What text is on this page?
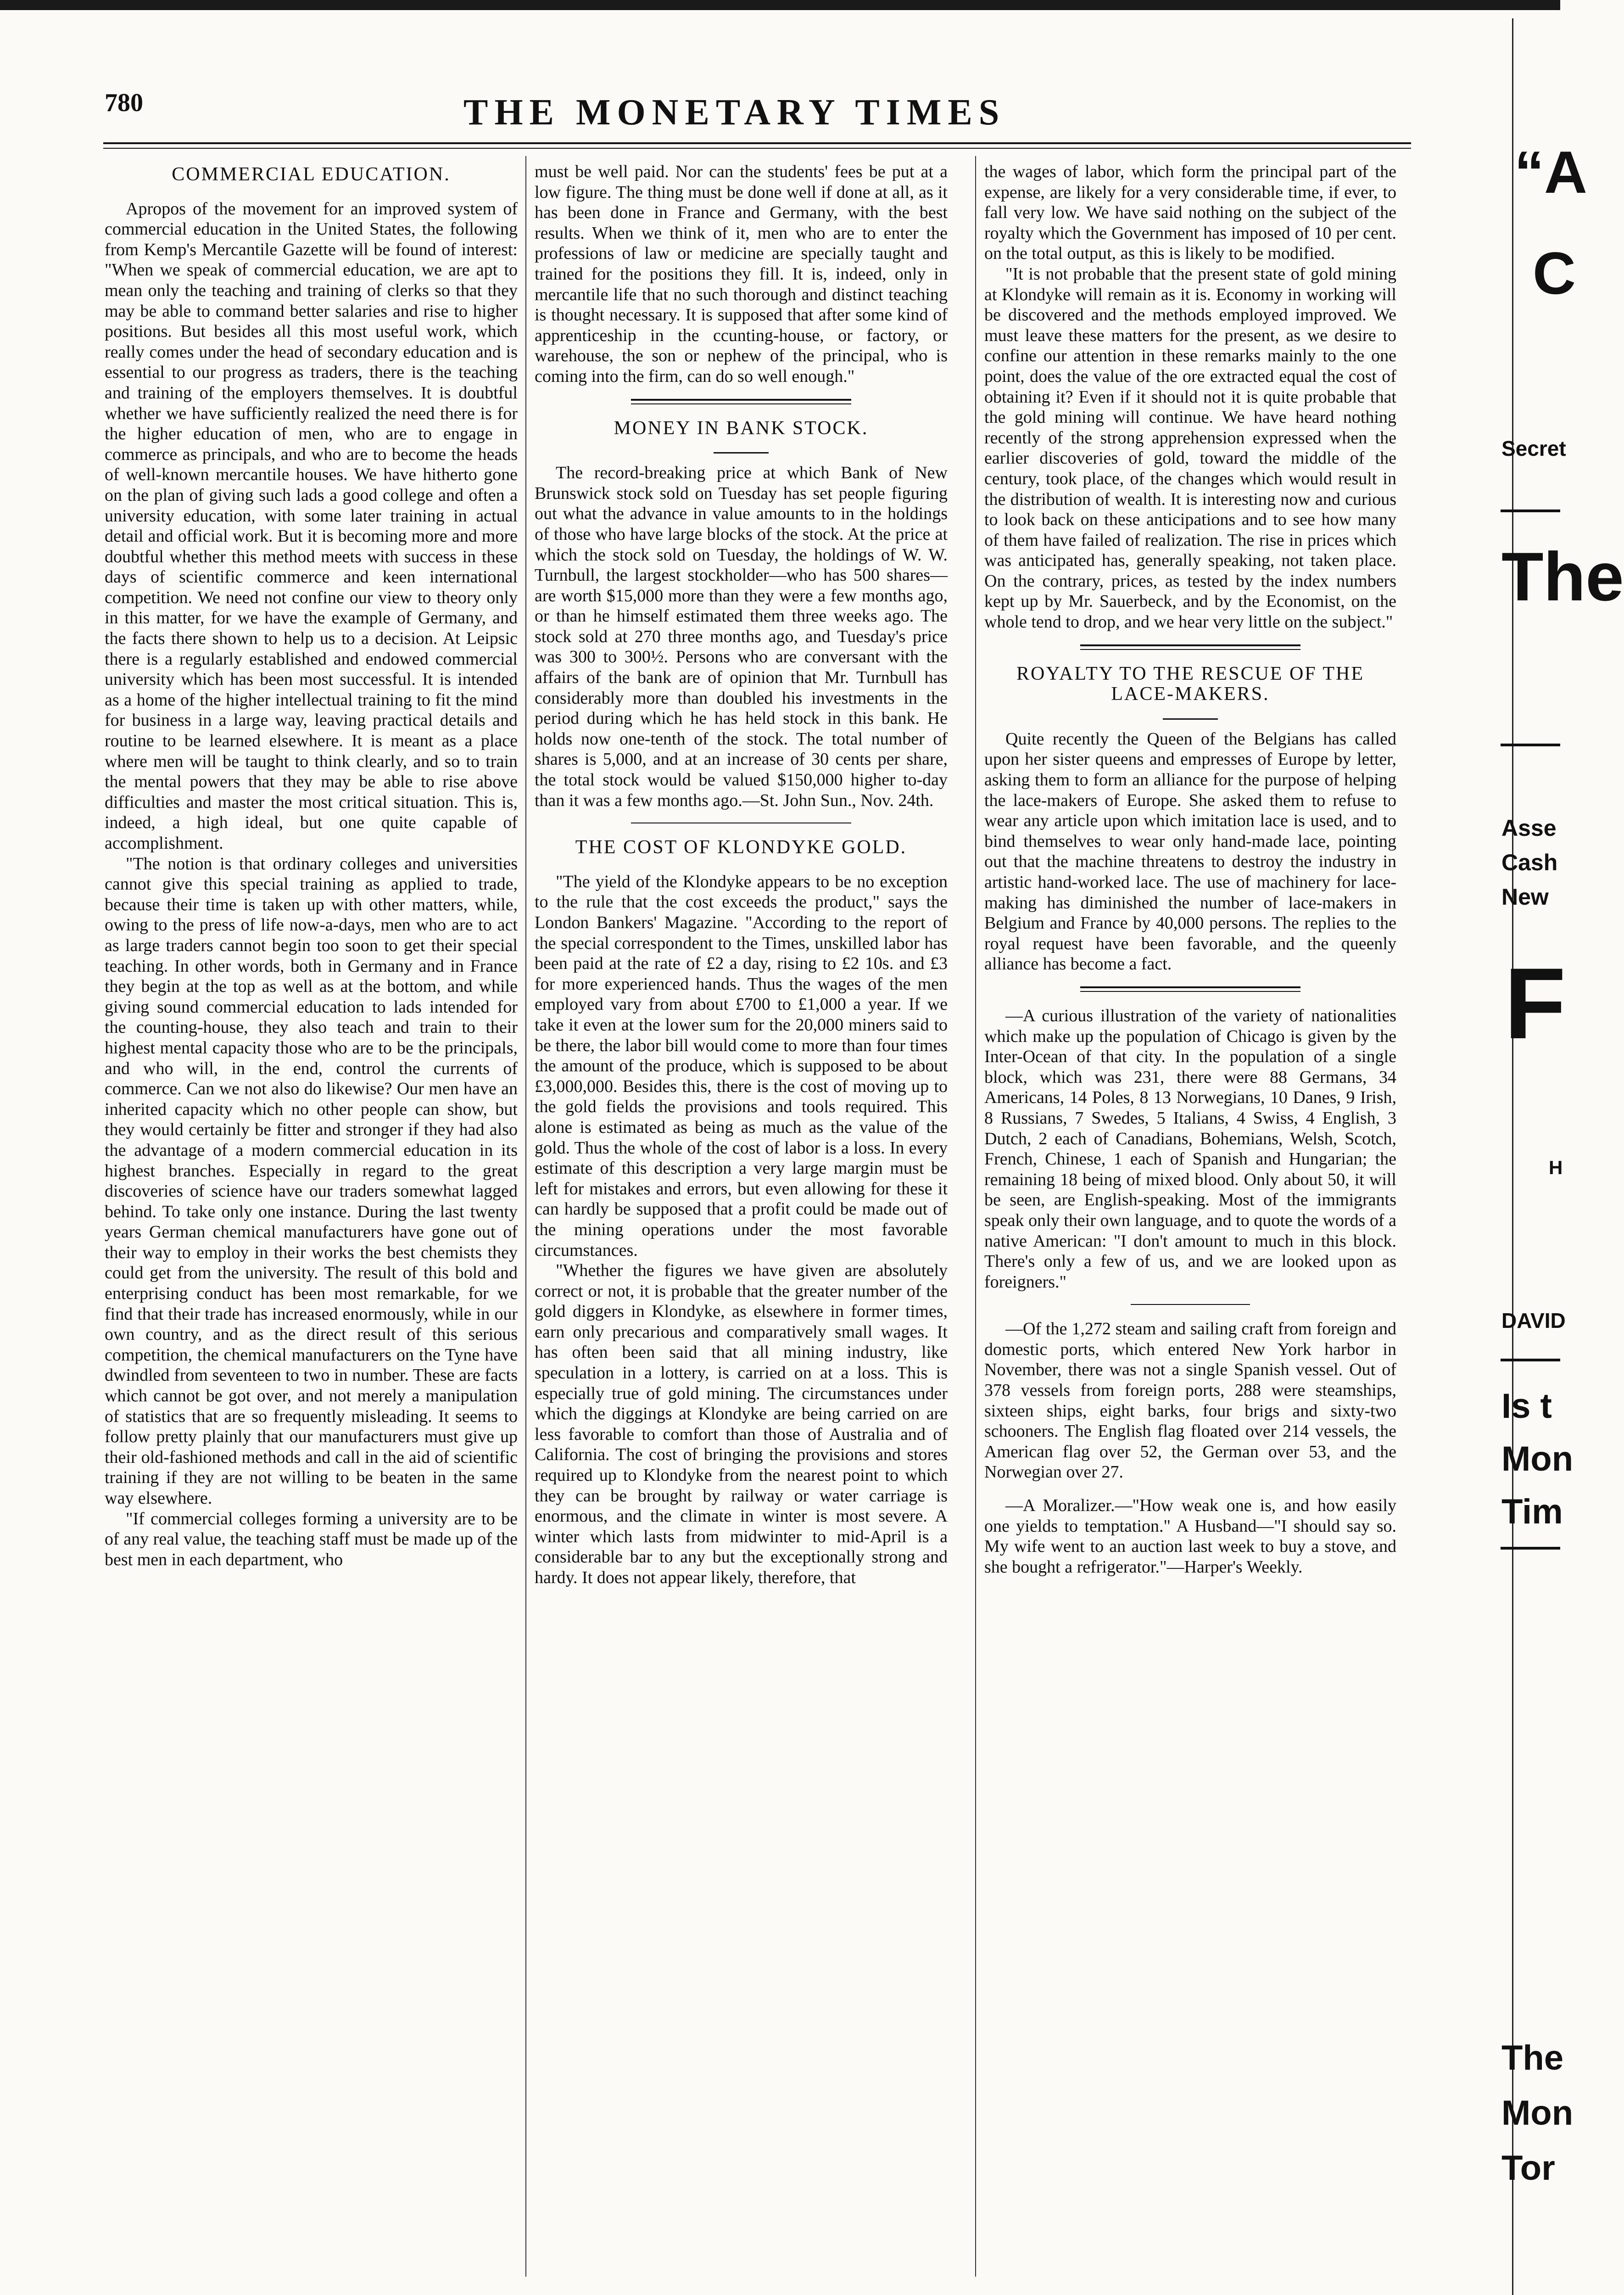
780	THE MONETARY TIMES
COMMERCIAL EDUCATION.

Apropos of the movement for an improved system of commercial education in the United States, the following from Kemp's Mercantile Gazette will be found of interest: "When we speak of commercial education, we are apt to mean only the teaching and training of clerks so that they may be able to command better salaries and rise to higher positions. But besides all this most useful work, which really comes under the head of secondary education and is essential to our progress as traders, there is the teaching and training of the employers themselves. It is doubtful whether we have sufficiently realized the need there is for the higher education of men, who are to engage in commerce as principals, and who are to become the heads of well-known mercantile houses. We have hitherto gone on the plan of giving such lads a good college and often a university education, with some later training in actual detail and official work. But it is becoming more and more doubtful whether this method meets with success in these days of scientific commerce and keen international competition. We need not confine our view to theory only in this matter, for we have the example of Germany, and the facts there shown to help us to a decision. At Leipsic there is a regularly established and endowed commercial university which has been most successful. It is intended as a home of the higher intellectual training to fit the mind for business in a large way, leaving practical details and routine to be learned elsewhere. It is meant as a place where men will be taught to think clearly, and so to train the mental powers that they may be able to rise above difficulties and master the most critical situation. This is, indeed, a high ideal, but one quite capable of accomplishment.

"The notion is that ordinary colleges and universities cannot give this special training as applied to trade, because their time is taken up with other matters, while, owing to the press of life now-a-days, men who are to act as large traders cannot begin too soon to get their special teaching. In other words, both in Germany and in France they begin at the top as well as at the bottom, and while giving sound commercial education to lads intended for the counting-house, they also teach and train to their highest mental capacity those who are to be the principals, and who will, in the end, control the currents of commerce. Can we not also do likewise? Our men have an inherited capacity which no other people can show, but they would certainly be fitter and stronger if they had also the advantage of a modern commercial education in its highest branches. Especially in regard to the great discoveries of science have our traders somewhat lagged behind. To take only one instance. During the last twenty years German chemical manufacturers have gone out of their way to employ in their works the best chemists they could get from the university. The result of this bold and enterprising conduct has been most remarkable, for we find that their trade has increased enormously, while in our own country, and as the direct result of this serious competition, the chemical manufacturers on the Tyne have dwindled from seventeen to two in number. These are facts which cannot be got over, and not merely a manipulation of statistics that are so frequently misleading. It seems to follow pretty plainly that our manufacturers must give up their old-fashioned methods and call in the aid of scientific training if they are not willing to be beaten in the same way elsewhere.

"If commercial colleges forming a university are to be of any real value, the teaching staff must be made up of the best men in each department, who

must be well paid. Nor can the students' fees be put at a low figure. The thing must be done well if done at all, as it has been done in France and Germany, with the best results. When we think of it, men who are to enter the professions of law or medicine are specially taught and trained for the positions they fill. It is, indeed, only in mercantile life that no such thorough and distinct teaching is thought necessary. It is supposed that after some kind of apprenticeship in the ccunting-house, or factory, or warehouse, the son or nephew of the principal, who is coming into the firm, can do so well enough."

MONEY IN BANK STOCK.

The record-breaking price at which Bank of New Brunswick stock sold on Tuesday has set people figuring out what the advance in value amounts to in the holdings of those who have large blocks of the stock. At the price at which the stock sold on Tuesday, the holdings of W. W. Turnbull, the largest stockholder—who has 500 shares—are worth $15,000 more than they were a few months ago, or than he himself estimated them three weeks ago. The stock sold at 270 three months ago, and Tuesday's price was 300 to 300½. Persons who are conversant with the affairs of the bank are of opinion that Mr. Turnbull has considerably more than doubled his investments in the period during which he has held stock in this bank. He holds now one-tenth of the stock. The total number of shares is 5,000, and at an increase of 30 cents per share, the total stock would be valued $150,000 higher to-day than it was a few months ago.—St. John Sun., Nov. 24th.

THE COST OF KLONDYKE GOLD.

"The yield of the Klondyke appears to be no exception to the rule that the cost exceeds the product," says the London Bankers' Magazine. "According to the report of the special correspondent to the Times, unskilled labor has been paid at the rate of £2 a day, rising to £2 10s. and £3 for more experienced hands. Thus the wages of the men employed vary from about £700 to £1,000 a year. If we take it even at the lower sum for the 20,000 miners said to be there, the labor bill would come to more than four times the amount of the produce, which is supposed to be about £3,000,000. Besides this, there is the cost of moving up to the gold fields the provisions and tools required. This alone is estimated as being as much as the value of the gold. Thus the whole of the cost of labor is a loss. In every estimate of this description a very large margin must be left for mistakes and errors, but even allowing for these it can hardly be supposed that a profit could be made out of the mining operations under the most favorable circumstances.

"Whether the figures we have given are absolutely correct or not, it is probable that the greater number of the gold diggers in Klondyke, as elsewhere in former times, earn only precarious and comparatively small wages. It has often been said that all mining industry, like speculation in a lottery, is carried on at a loss. This is especially true of gold mining. The circumstances under which the diggings at Klondyke are being carried on are less favorable to comfort than those of Australia and of California. The cost of bringing the provisions and stores required up to Klondyke from the nearest point to which they can be brought by railway or water carriage is enormous, and the climate in winter is most severe. A winter which lasts from midwinter to mid-April is a considerable bar to any but the exceptionally strong and hardy. It does not appear likely, therefore, that

the wages of labor, which form the principal part of the expense, are likely for a very considerable time, if ever, to fall very low. We have said nothing on the subject of the royalty which the Government has imposed of 10 per cent. on the total output, as this is likely to be modified.

"It is not probable that the present state of gold mining at Klondyke will remain as it is. Economy in working will be discovered and the methods employed improved. We must leave these matters for the present, as we desire to confine our attention in these remarks mainly to the one point, does the value of the ore extracted equal the cost of obtaining it? Even if it should not it is quite probable that the gold mining will continue. We have heard nothing recently of the strong apprehension expressed when the earlier discoveries of gold, toward the middle of the century, took place, of the changes which would result in the distribution of wealth. It is interesting now and curious to look back on these anticipations and to see how many of them have failed of realization. The rise in prices which was anticipated has, generally speaking, not taken place. On the contrary, prices, as tested by the index numbers kept up by Mr. Sauerbeck, and by the Economist, on the whole tend to drop, and we hear very little on the subject."

ROYALTY TO THE RESCUE OF THE LACE-MAKERS.

Quite recently the Queen of the Belgians has called upon her sister queens and empresses of Europe by letter, asking them to form an alliance for the purpose of helping the lace-makers of Europe. She asked them to refuse to wear any article upon which imitation lace is used, and to bind themselves to wear only hand-made lace, pointing out that the machine threatens to destroy the industry in artistic hand-worked lace. The use of machinery for lace-making has diminished the number of lace-makers in Belgium and France by 40,000 persons. The replies to the royal request have been favorable, and the queenly alliance has become a fact.

—A curious illustration of the variety of nationalities which make up the population of Chicago is given by the Inter-Ocean of that city. In the population of a single block, which was 231, there were 88 Germans, 34 Americans, 14 Poles, 8 13 Norwegians, 10 Danes, 9 Irish, 8 Russians, 7 Swedes, 5 Italians, 4 Swiss, 4 English, 3 Dutch, 2 each of Canadians, Bohemians, Welsh, Scotch, French, Chinese, 1 each of Spanish and Hungarian; the remaining 18 being of mixed blood. Only about 50, it will be seen, are English-speaking. Most of the immigrants speak only their own language, and to quote the words of a native American: "I don't amount to much in this block. There's only a few of us, and we are looked upon as foreigners."

—Of the 1,272 steam and sailing craft from foreign and domestic ports, which entered New York harbor in November, there was not a single Spanish vessel. Out of 378 vessels from foreign ports, 288 were steamships, sixteen ships, eight barks, four brigs and sixty-two schooners. The English flag floated over 214 vessels, the American flag over 52, the German over 53, and the Norwegian over 27.

—A Moralizer.—"How weak one is, and how easily one yields to temptation." A Husband—"I should say so. My wife went to an auction last week to buy a stove, and she bought a refrigerator."—Harper's Weekly.

“A
C
Secret
The
Asse
Cash
New
F
H
DAVID
Is t
Mon
Tim
The
Mon
Tor
